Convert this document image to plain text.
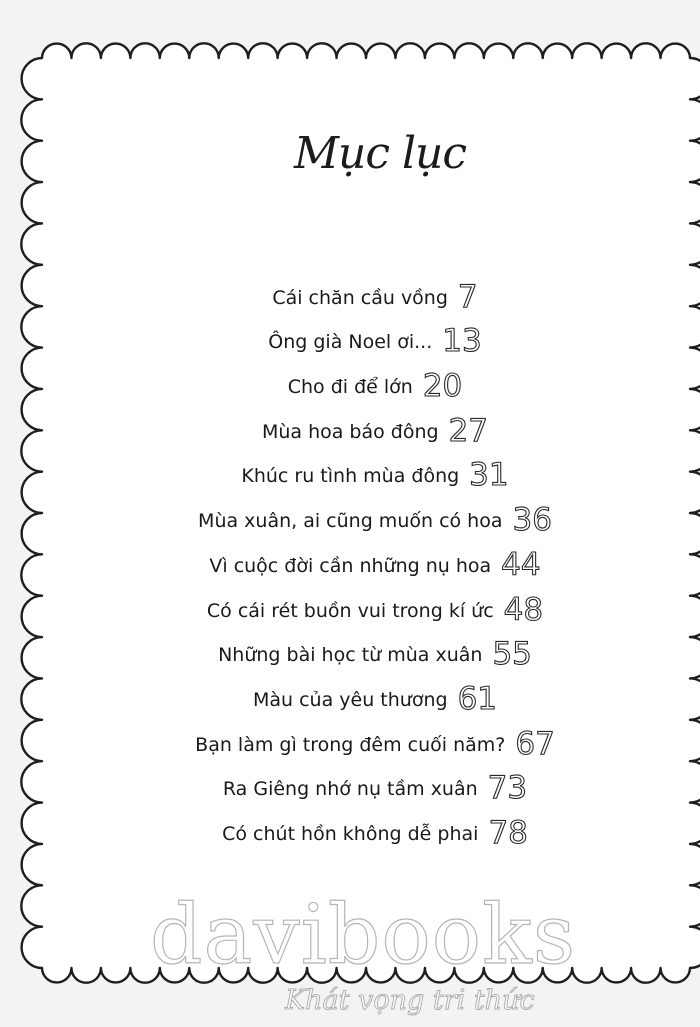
Mục lục
Cái chăn cầu vồng 7
Ông già Noel ơi... 13
Cho đi để lớn 20
Mùa hoa báo đông 27
Khúc ru tình mùa đông 31
Mùa xuân, ai cũng muốn có hoa 36
Vì cuộc đời cần những nụ hoa 44
Có cái rét buồn vui trong kí ức 48
Những bài học từ mùa xuân 55
Màu của yêu thương 61
Bạn làm gì trong đêm cuối năm? 67
Ra Giêng nhớ nụ tầm xuân 73
Có chút hồn không dễ phai 78
davibooks
Khát vọng tri thức
